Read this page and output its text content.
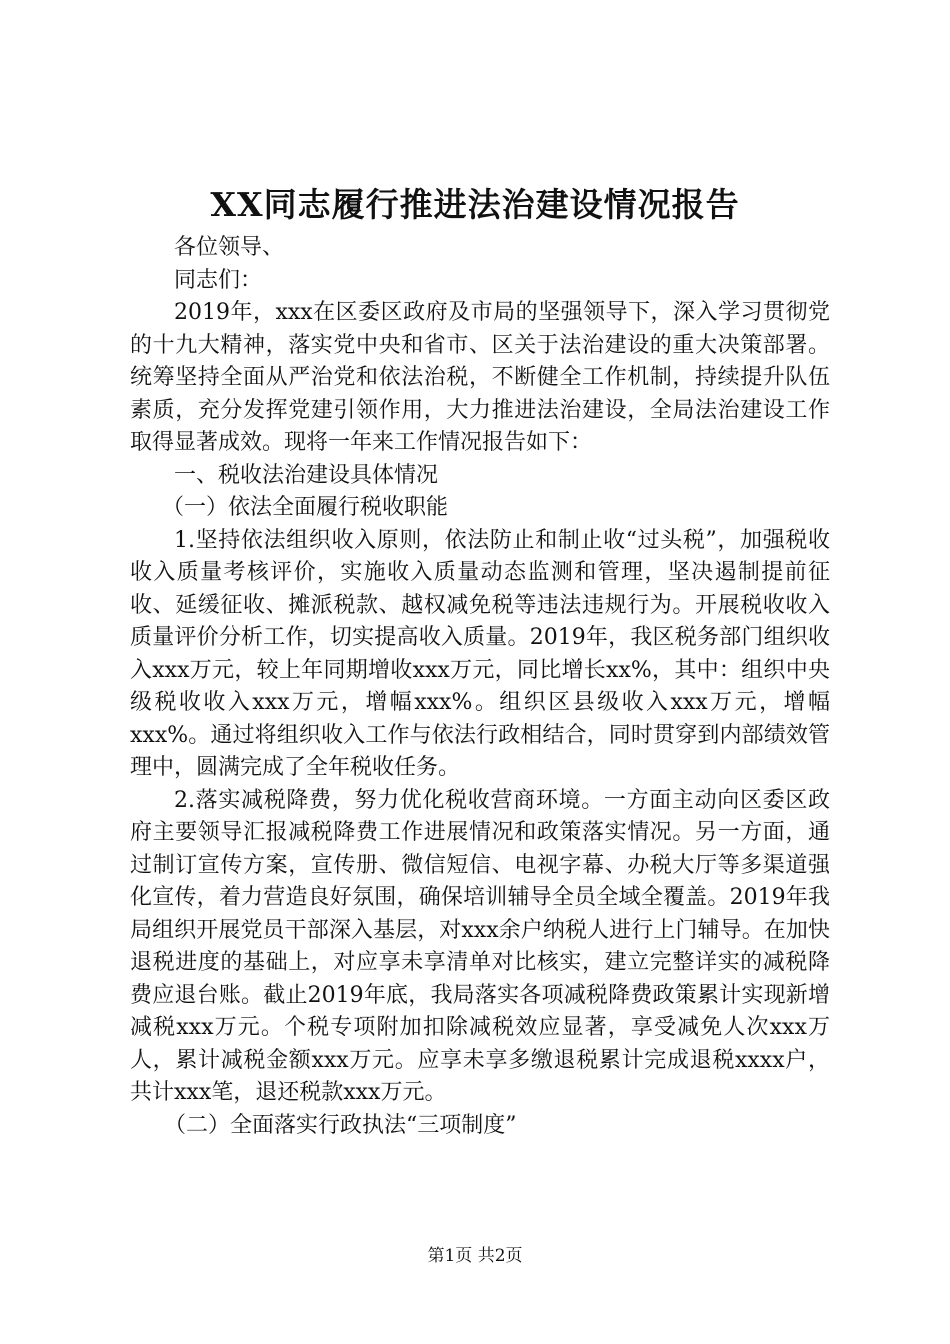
XX同志履行推进法治建设情况报告

各位领导、

同志们：

2019年，xxx在区委区政府及市局的坚强领导下，深入学习贯彻党的十九大精神，落实党中央和省市、区关于法治建设的重大决策部署。统筹坚持全面从严治党和依法治税，不断健全工作机制，持续提升队伍素质，充分发挥党建引领作用，大力推进法治建设，全局法治建设工作取得显著成效。现将一年来工作情况报告如下：

一、税收法治建设具体情况

（一）依法全面履行税收职能

1.坚持依法组织收入原则，依法防止和制止收“过头税”，加强税收收入质量考核评价，实施收入质量动态监测和管理，坚决遏制提前征收、延缓征收、摊派税款、越权减免税等违法违规行为。开展税收收入质量评价分析工作，切实提高收入质量。2019年，我区税务部门组织收入xxx万元，较上年同期增收xxx万元，同比增长xx%，其中：组织中央级税收收入xxx万元，增幅xxx%。组织区县级收入xxx万元，增幅xxx%。通过将组织收入工作与依法行政相结合，同时贯穿到内部绩效管理中，圆满完成了全年税收任务。

2.落实减税降费，努力优化税收营商环境。一方面主动向区委区政府主要领导汇报减税降费工作进展情况和政策落实情况。另一方面，通过制订宣传方案，宣传册、微信短信、电视字幕、办税大厅等多渠道强化宣传，着力营造良好氛围，确保培训辅导全员全域全覆盖。2019年我局组织开展党员干部深入基层，对xxx余户纳税人进行上门辅导。在加快退税进度的基础上，对应享未享清单对比核实，建立完整详实的减税降费应退台账。截止2019年底，我局落实各项减税降费政策累计实现新增减税xxx万元。个税专项附加扣除减税效应显著，享受减免人次xxx万人，累计减税金额xxx万元。应享未享多缴退税累计完成退税xxxx户，共计xxx笔，退还税款xxx万元。

（二）全面落实行政执法“三项制度”

第1页 共2页
